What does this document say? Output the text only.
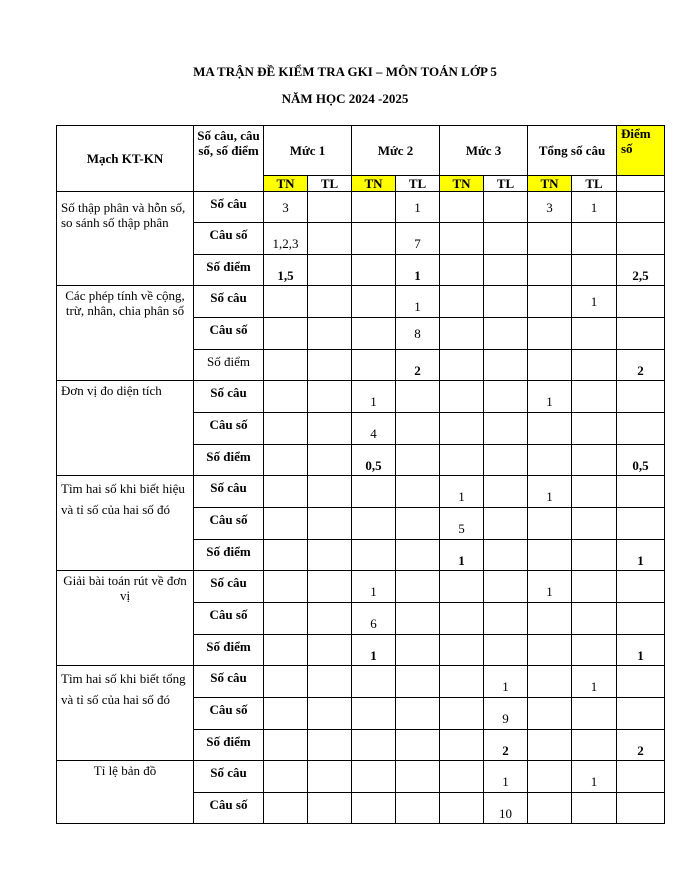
MA TRẬN ĐỀ KIỂM TRA GKI – MÔN TOÁN LỚP 5
NĂM HỌC 2024 -2025
Mạch KT-KN	Số câu, câu số, số điểm	Mức 1		Mức 2		Mức 3		Tổng số câu		Điểm số
		TN	TL	TN	TL	TN	TL	TN	TL	
Số thập phân và hỗn số, so sánh số thập phân	Số câu	3			1			3	1	
	Câu số	1,2,3			7					
	Số điểm	1,5			1					2,5
Các phép tính về cộng, trừ, nhân, chia phân số	Số câu				1				1	
	Câu số				8					
	Số điểm				2					2
Đơn vị đo diện tích	Số câu			1				1		
	Câu số			4						
	Số điểm			0,5						0,5
Tìm hai số khi biết hiệu và tỉ số của hai số đó	Số câu					1		1		
	Câu số					5				
	Số điểm					1				1
Giải bài toán rút về đơn vị	Số câu			1				1		
	Câu số			6						
	Số điểm			1						1
Tìm hai số khi biết tổng và tỉ số của hai số đó	Số câu						1		1	
	Câu số						9			
	Số điểm						2			2
Tỉ lệ bản đồ	Số câu						1		1	
	Câu số						10			
